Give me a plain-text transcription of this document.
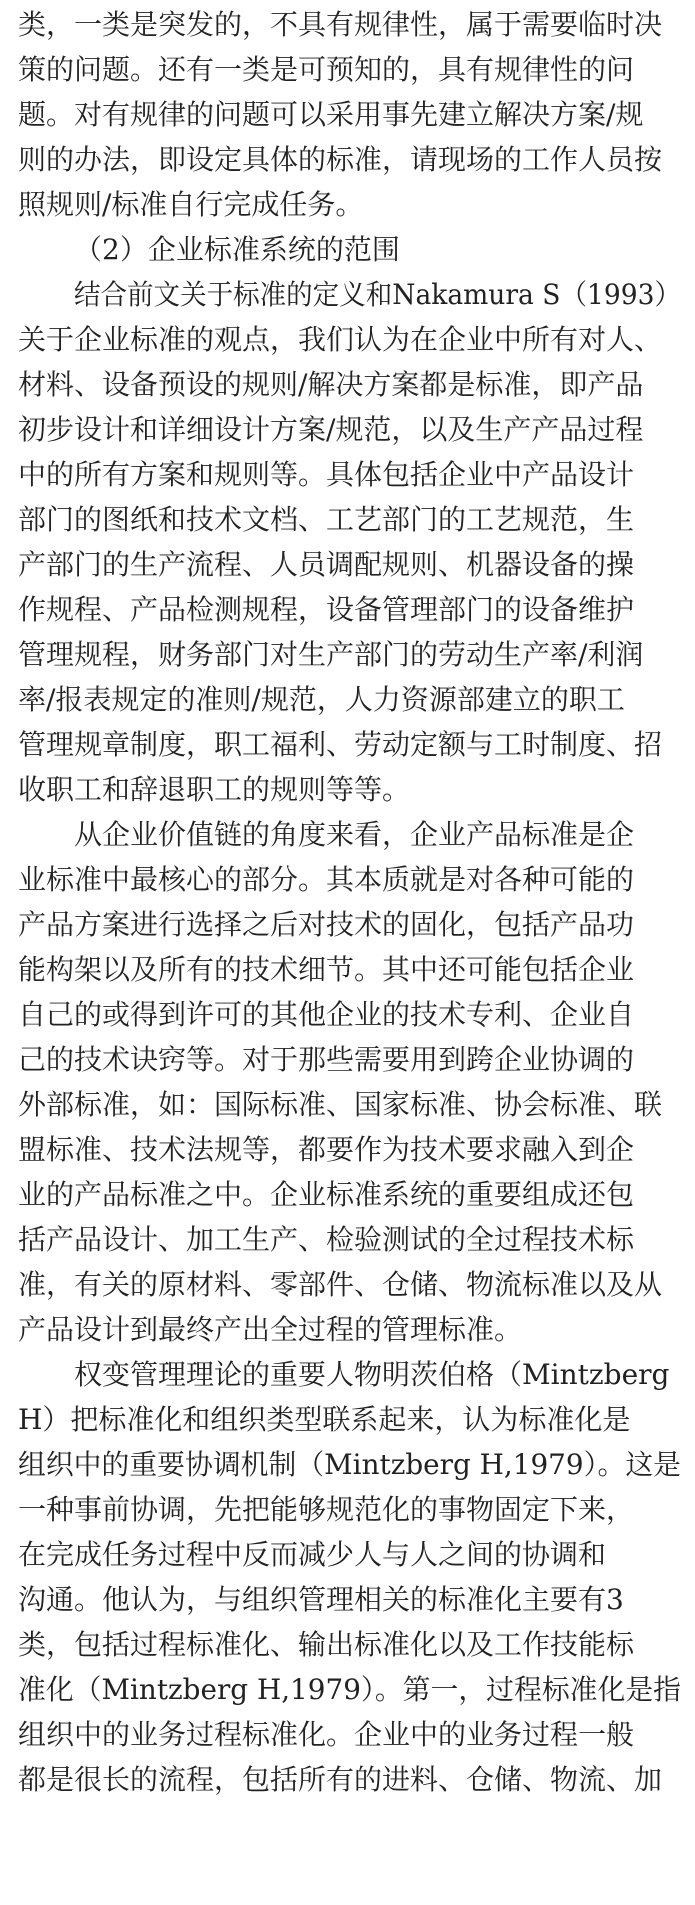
类，一类是突发的，不具有规律性，属于需要临时决
策的问题。还有一类是可预知的，具有规律性的问
题。对有规律的问题可以采用事先建立解决方案/规
则的办法，即设定具体的标准，请现场的工作人员按
照规则/标准自行完成任务。
（2）企业标准系统的范围
结合前文关于标准的定义和Nakamura S（1993）
关于企业标准的观点，我们认为在企业中所有对人、
材料、设备预设的规则/解决方案都是标准，即产品
初步设计和详细设计方案/规范，以及生产产品过程
中的所有方案和规则等。具体包括企业中产品设计
部门的图纸和技术文档、工艺部门的工艺规范，生
产部门的生产流程、人员调配规则、机器设备的操
作规程、产品检测规程，设备管理部门的设备维护
管理规程，财务部门对生产部门的劳动生产率/利润
率/报表规定的准则/规范，人力资源部建立的职工
管理规章制度，职工福利、劳动定额与工时制度、招
收职工和辞退职工的规则等等。
从企业价值链的角度来看，企业产品标准是企
业标准中最核心的部分。其本质就是对各种可能的
产品方案进行选择之后对技术的固化，包括产品功
能构架以及所有的技术细节。其中还可能包括企业
自己的或得到许可的其他企业的技术专利、企业自
己的技术诀窍等。对于那些需要用到跨企业协调的
外部标准，如：国际标准、国家标准、协会标准、联
盟标准、技术法规等，都要作为技术要求融入到企
业的产品标准之中。企业标准系统的重要组成还包
括产品设计、加工生产、检验测试的全过程技术标
准，有关的原材料、零部件、仓储、物流标准以及从
产品设计到最终产出全过程的管理标准。
权变管理理论的重要人物明茨伯格（Mintzberg
H）把标准化和组织类型联系起来，认为标准化是
组织中的重要协调机制（Mintzberg H,1979）。这是
一种事前协调，先把能够规范化的事物固定下来，
在完成任务过程中反而减少人与人之间的协调和
沟通。他认为，与组织管理相关的标准化主要有3
类，包括过程标准化、输出标准化以及工作技能标
准化（Mintzberg H,1979）。第一，过程标准化是指
组织中的业务过程标准化。企业中的业务过程一般
都是很长的流程，包括所有的进料、仓储、物流、加
